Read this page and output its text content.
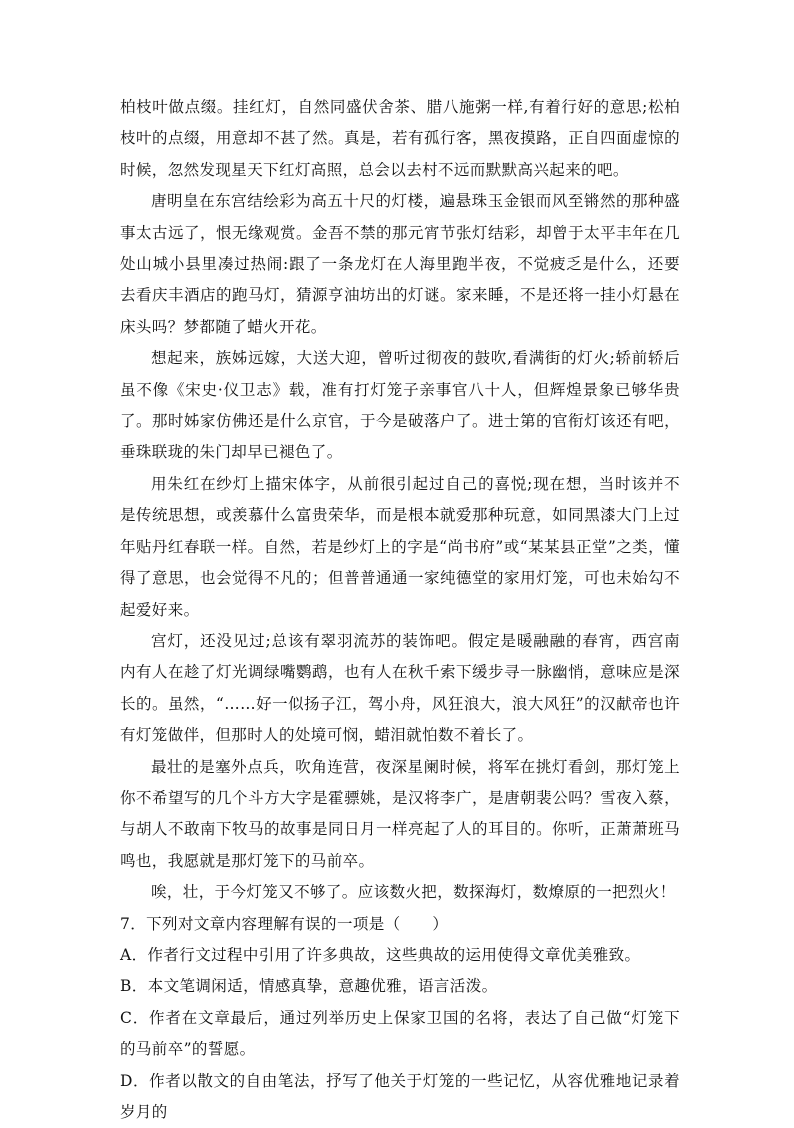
柏枝叶做点缀。挂红灯，自然同盛伏舍茶、腊八施粥一样,有着行好的意思;松柏枝叶的点缀，用意却不甚了然。真是，若有孤行客，黑夜摸路，正自四面虚惊的时候，忽然发现星天下红灯高照，总会以去村不远而默默高兴起来的吧。

唐明皇在东宫结绘彩为高五十尺的灯楼，遍悬珠玉金银而风至锵然的那种盛事太古远了，恨无缘观赏。金吾不禁的那元宵节张灯结彩，却曾于太平丰年在几处山城小县里凑过热闹:跟了一条龙灯在人海里跑半夜，不觉疲乏是什么，还要去看庆丰酒店的跑马灯，猜源亨油坊出的灯谜。家来睡，不是还将一挂小灯悬在床头吗？梦都随了蜡火开花。

想起来，族姊远嫁，大送大迎，曾听过彻夜的鼓吹,看满街的灯火;轿前轿后虽不像《宋史·仪卫志》载，准有打灯笼子亲事官八十人，但辉煌景象已够华贵了。那时姊家仿佛还是什么京官，于今是破落户了。进士第的官衔灯该还有吧，垂珠联珑的朱门却早已褪色了。

用朱红在纱灯上描宋体字，从前很引起过自己的喜悦;现在想，当时该并不是传统思想，或羡慕什么富贵荣华，而是根本就爱那种玩意，如同黑漆大门上过年贴丹红春联一样。自然，若是纱灯上的字是“尚书府”或“某某县正堂”之类，懂得了意思，也会觉得不凡的；但普普通通一家纯德堂的家用灯笼，可也未始勾不起爱好来。

宫灯，还没见过;总该有翠羽流苏的装饰吧。假定是暖融融的春宵，西宫南内有人在趁了灯光调绿嘴鹦鹉，也有人在秋千索下缓步寻一脉幽悄，意味应是深长的。虽然，“……好一似扬子江，驾小舟，风狂浪大，浪大风狂”的汉献帝也许有灯笼做伴，但那时人的处境可悯，蜡泪就怕数不着长了。

最壮的是塞外点兵，吹角连营，夜深星阑时候，将军在挑灯看剑，那灯笼上你不希望写的几个斗方大字是霍骠姚，是汉将李广，是唐朝裴公吗？雪夜入蔡，与胡人不敢南下牧马的故事是同日月一样亮起了人的耳目的。你听，正萧萧班马鸣也，我愿就是那灯笼下的马前卒。

唉，壮，于今灯笼又不够了。应该数火把，数探海灯，数燎原的一把烈火！

7．下列对文章内容理解有误的一项是（　　）

A．作者行文过程中引用了许多典故，这些典故的运用使得文章优美雅致。

B．本文笔调闲适，情感真挚，意趣优雅，语言活泼。

C．作者在文章最后，通过列举历史上保家卫国的名将，表达了自己做“灯笼下的马前卒”的誓愿。

D．作者以散文的自由笔法，抒写了他关于灯笼的一些记忆，从容优雅地记录着岁月的
